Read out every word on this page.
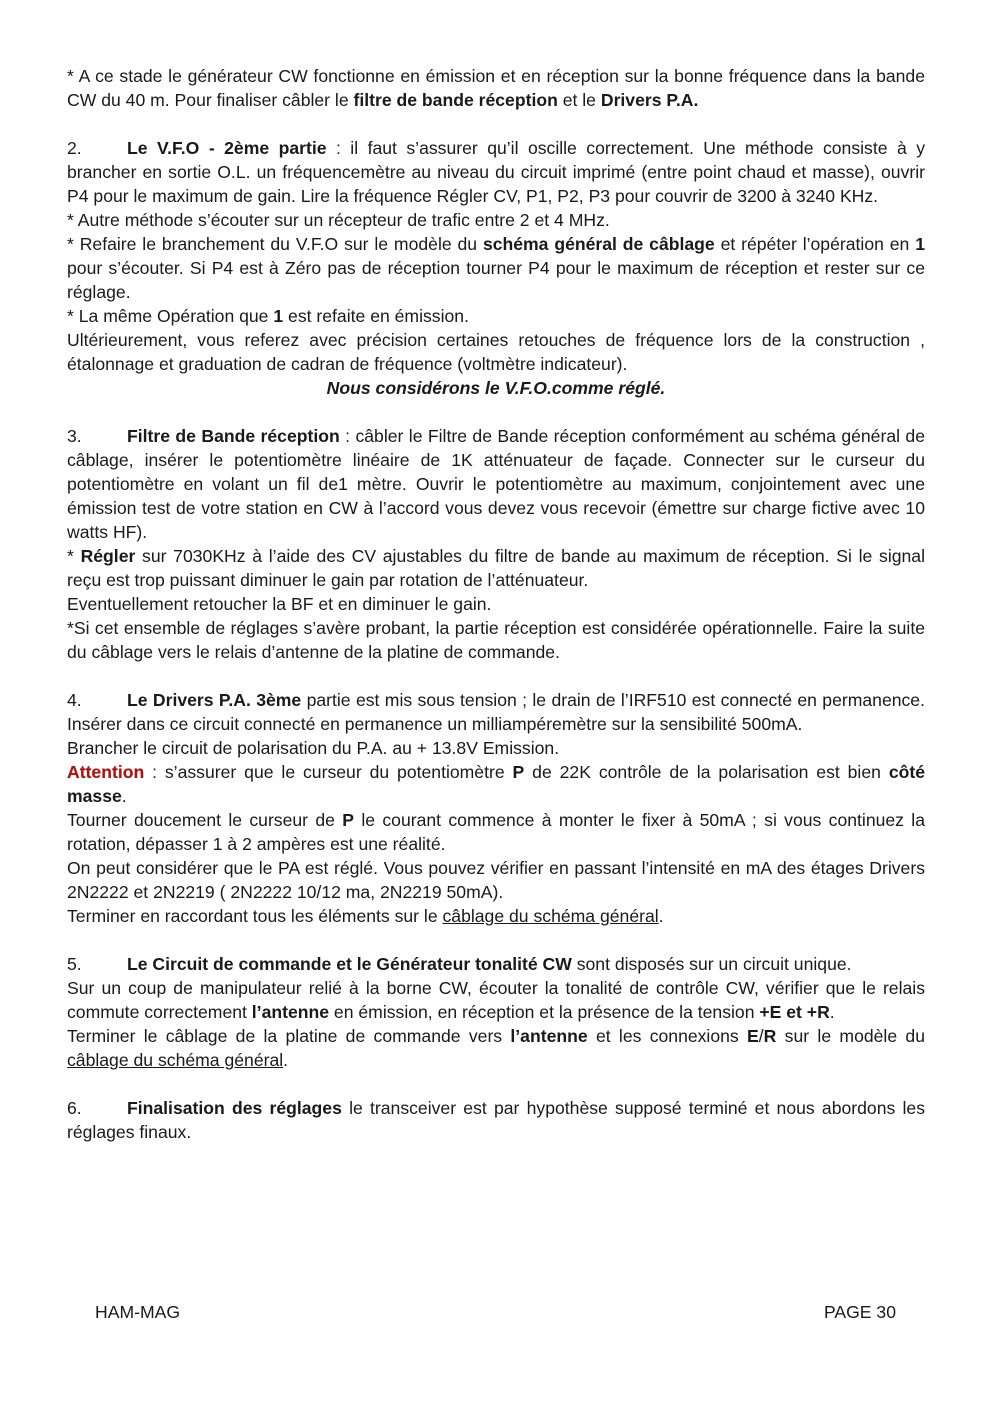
* A ce stade le générateur CW fonctionne en émission et en réception sur la bonne fréquence dans la bande CW du 40 m. Pour finaliser câbler le filtre de bande réception et le Drivers P.A.

2.	Le V.F.O - 2ème partie : il faut s’assurer qu’il oscille correctement. Une méthode consiste à y brancher en sortie O.L. un fréquencemètre au niveau du circuit imprimé (entre point chaud et masse), ouvrir P4 pour le maximum de gain. Lire la fréquence Régler CV, P1, P2, P3 pour couvrir de 3200 à 3240 KHz.

* Autre méthode s’écouter sur un récepteur de trafic entre 2 et 4 MHz.

* Refaire le branchement du V.F.O sur le modèle du schéma général de câblage et répéter l’opération en 1 pour s’écouter. Si P4 est à Zéro pas de réception tourner P4 pour le maximum de réception et rester sur ce réglage.

* La même Opération que 1 est refaite en émission.

Ultérieurement, vous referez avec précision certaines retouches de fréquence lors de la construction , étalonnage et graduation de cadran de fréquence (voltmètre indicateur).

Nous considérons le V.F.O.comme réglé.

3.	Filtre de Bande réception : câbler le Filtre de Bande réception conformément au schéma général de câblage, insérer le potentiomètre linéaire de 1K atténuateur de façade. Connecter sur le curseur du potentiomètre en volant un fil de1 mètre. Ouvrir le potentiomètre au maximum, conjointement avec une émission test de votre station en CW à l’accord vous devez vous recevoir (émettre sur charge fictive avec 10 watts HF).

* Régler sur 7030KHz à l’aide des CV ajustables du filtre de bande au maximum de réception. Si le signal reçu est trop puissant diminuer le gain par rotation de l’atténuateur.

Eventuellement retoucher la BF et en diminuer le gain.

*Si cet ensemble de réglages s’avère probant, la partie réception est considérée opérationnelle. Faire la suite du câblage vers le relais d’antenne de la platine de commande.

4.	Le Drivers P.A. 3ème partie est mis sous tension ; le drain de l’IRF510 est connecté en permanence. Insérer dans ce circuit connecté en permanence un milliampéremètre sur la sensibilité 500mA.

Brancher le circuit de polarisation du P.A. au + 13.8V Emission.

Attention : s’assurer que le curseur du potentiomètre P de 22K contrôle de la polarisation est bien côté masse.

Tourner doucement le curseur de P le courant commence à monter le fixer à 50mA ; si vous continuez la rotation, dépasser 1 à 2 ampères est une réalité.

On peut considérer que le PA est réglé. Vous pouvez vérifier en passant l’intensité en mA des étages Drivers 2N2222 et 2N2219 ( 2N2222 10/12 ma, 2N2219 50mA).

Terminer en raccordant tous les éléments sur le câblage du schéma général.

5.	Le Circuit de commande et le Générateur tonalité CW sont disposés sur un circuit unique.

Sur un coup de manipulateur relié à la borne CW, écouter la tonalité de contrôle CW, vérifier que le relais commute correctement l’antenne en émission, en réception et la présence de la tension +E et +R.

Terminer le câblage de la platine de commande vers l’antenne et les connexions E/R sur le modèle du câblage du schéma général.

6.	Finalisation des réglages le transceiver est par hypothèse supposé terminé et nous abordons les réglages finaux.

HAM-MAG	PAGE 30
